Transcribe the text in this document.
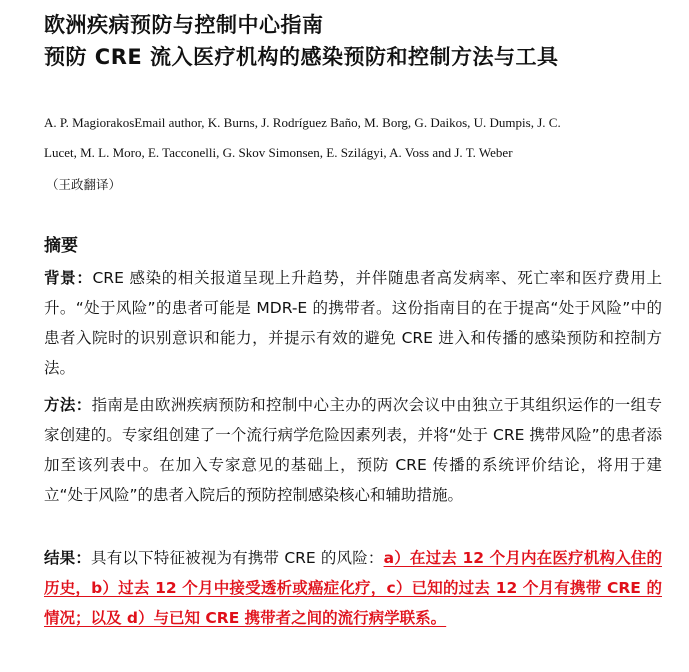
欧洲疾病预防与控制中心指南
预防 CRE 流入医疗机构的感染预防和控制方法与工具
A. P. MagiorakosEmail author, K. Burns, J. Rodríguez Baño, M. Borg, G. Daikos, U. Dumpis, J. C.
Lucet, M. L. Moro, E. Tacconelli, G. Skov Simonsen, E. Szilágyi, A. Voss and J. T. Weber
（王政翻译）
摘要
背景：CRE 感染的相关报道呈现上升趋势，并伴随患者高发病率、死亡率和医疗费用上升。“处于风险”的患者可能是 MDR-E 的携带者。这份指南目的在于提高“处于风险”中的患者入院时的识别意识和能力，并提示有效的避免 CRE 进入和传播的感染预防和控制方法。
方法：指南是由欧洲疾病预防和控制中心主办的两次会议中由独立于其组织运作的一组专家创建的。专家组创建了一个流行病学危险因素列表，并将“处于 CRE 携带风险”的患者添加至该列表中。在加入专家意见的基础上，预防 CRE 传播的系统评价结论，将用于建立“处于风险”的患者入院后的预防控制感染核心和辅助措施。
结果：具有以下特征被视为有携带 CRE 的风险：a）在过去 12 个月内在医疗机构入住的历史，b）过去 12 个月中接受透析或癌症化疗，c）已知的过去 12 个月有携带 CRE 的情况；以及 d）与已知 CRE 携带者之间的流行病学联系。
